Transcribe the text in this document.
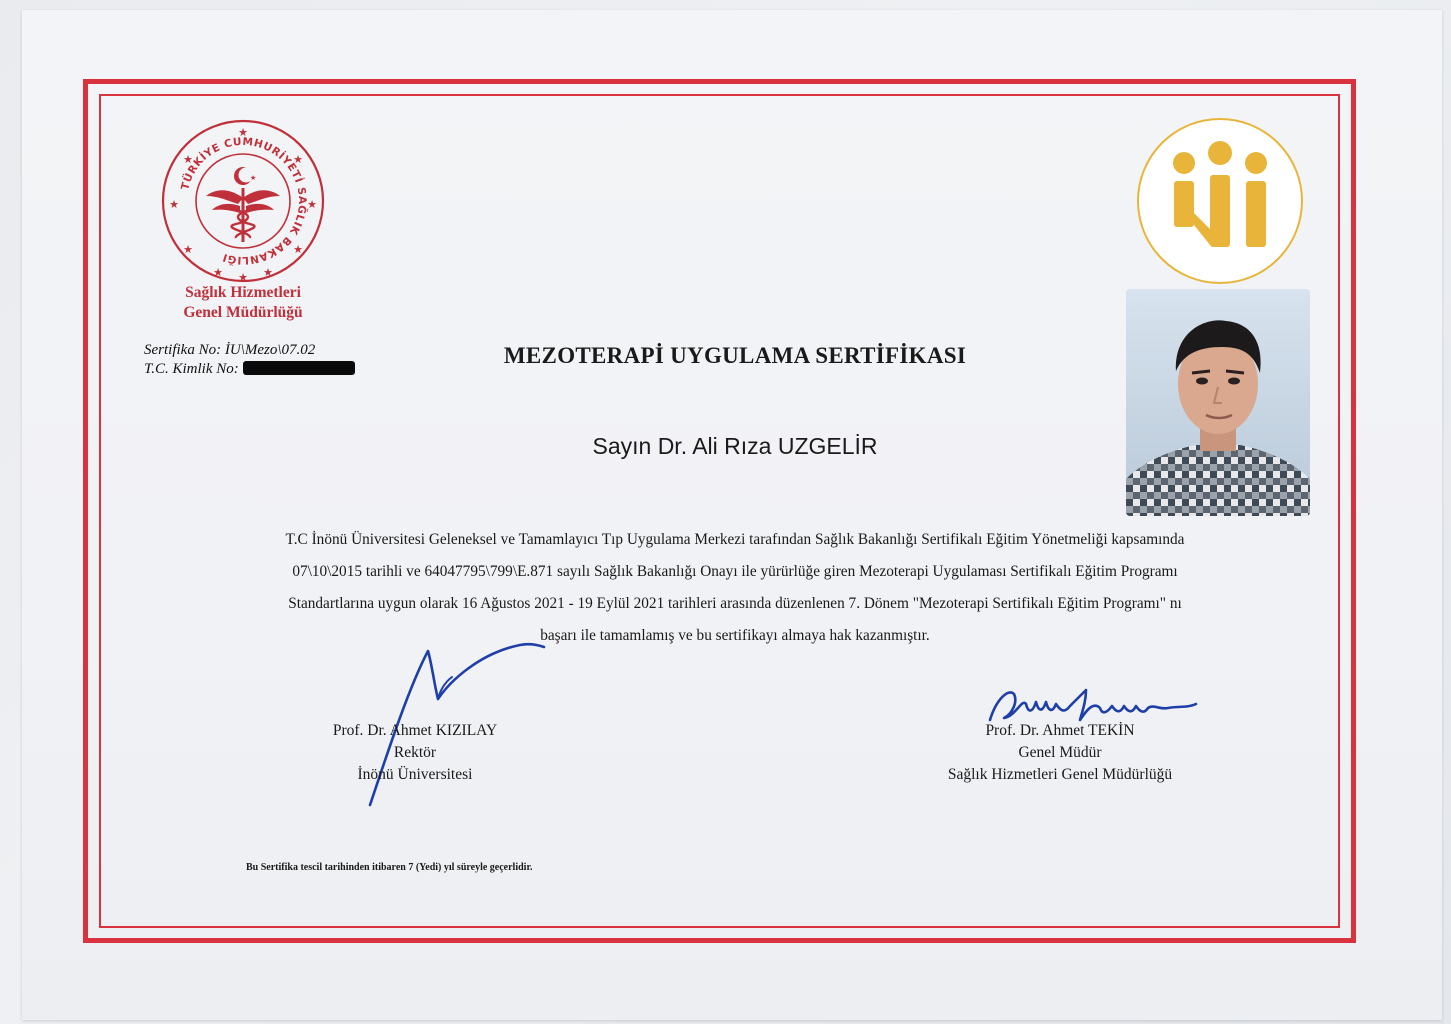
TÜRKİYE CUMHURİYETİ SAĞLIK BAKANLIĞI
★
★	★
★	★
★	★
★	★
★
★
Sağlık Hizmetleri
Genel Müdürlüğü
Sertifika No: İU\Mezo\07.02
T.C. Kimlik No:
MEZOTERAPİ UYGULAMA SERTİFİKASI
Sayın Dr. Ali Rıza UZGELİR
T.C İnönü Üniversitesi Geleneksel ve Tamamlayıcı Tıp Uygulama Merkezi tarafından Sağlık Bakanlığı Sertifikalı Eğitim Yönetmeliği kapsamında
07\10\2015 tarihli ve 64047795\799\E.871 sayılı Sağlık Bakanlığı Onayı ile yürürlüğe giren Mezoterapi Uygulaması Sertifikalı Eğitim Programı
Standartlarına uygun olarak 16 Ağustos 2021 - 19 Eylül 2021 tarihleri arasında düzenlenen 7. Dönem "Mezoterapi Sertifikalı Eğitim Programı" nı
başarı ile tamamlamış ve bu sertifikayı almaya hak kazanmıştır.
Prof. Dr. Ahmet KIZILAY
Rektör
İnönü Üniversitesi
Prof. Dr. Ahmet TEKİN
Genel Müdür
Sağlık Hizmetleri Genel Müdürlüğü
Bu Sertifika tescil tarihinden itibaren 7 (Yedi) yıl süreyle geçerlidir.
